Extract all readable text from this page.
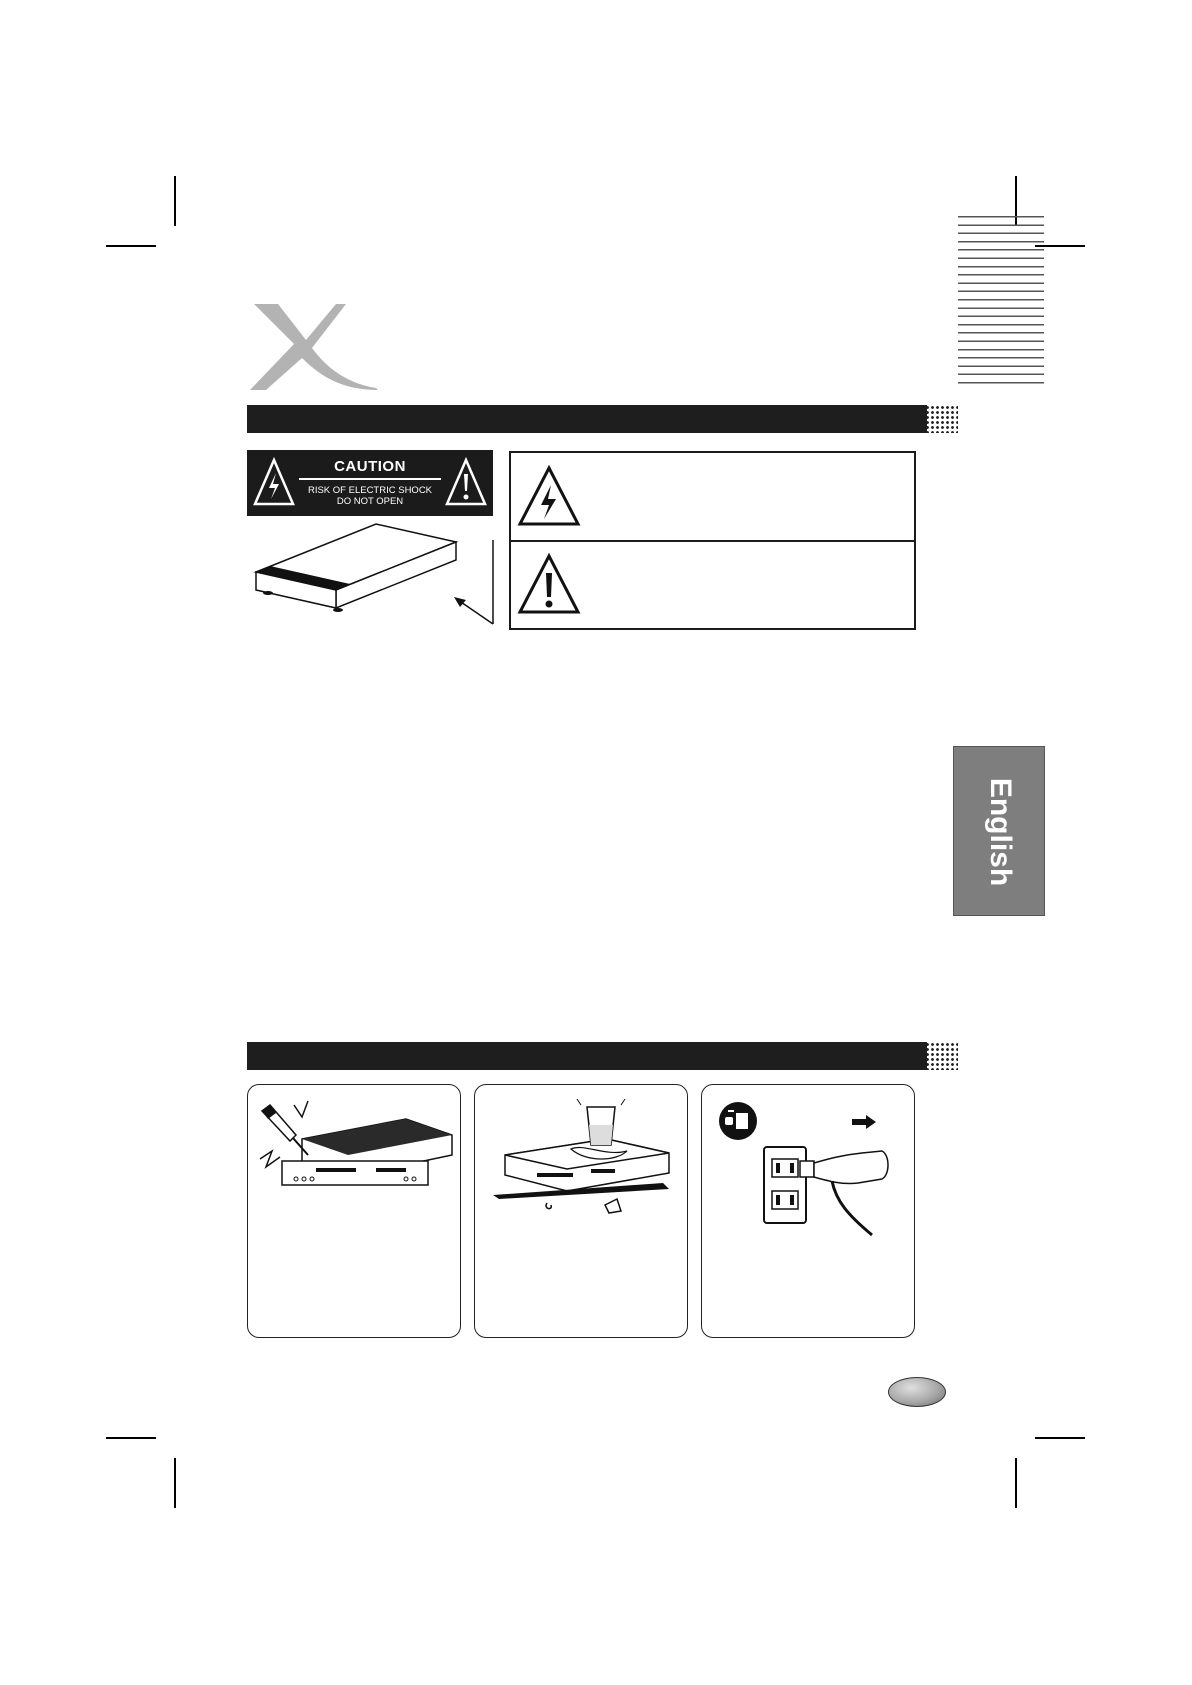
CAUTION
RISK OF ELECTRIC SHOCK
DO NOT OPEN
English
